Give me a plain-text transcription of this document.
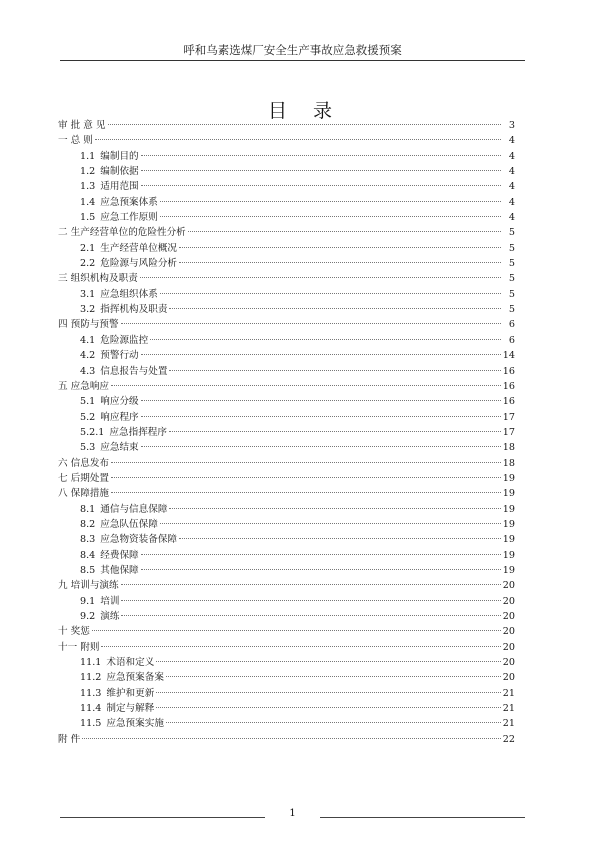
呼和乌素选煤厂安全生产事故应急救援预案
目 录
审 批 意 见	3
一 总 则	4
1.1 编制目的	4
1.2 编制依据	4
1.3 适用范围	4
1.4 应急预案体系	4
1.5 应急工作原则	4
二 生产经营单位的危险性分析	5
2.1 生产经营单位概况	5
2.2 危险源与风险分析	5
三 组织机构及职责	5
3.1 应急组织体系	5
3.2 指挥机构及职责	5
四 预防与预警	6
4.1 危险源监控	6
4.2 预警行动	14
4.3 信息报告与处置	16
五 应急响应	16
5.1 响应分级	16
5.2 响应程序	17
5.2.1 应急指挥程序	17
5.3 应急结束	18
六 信息发布	18
七 后期处置	19
八 保障措施	19
8.1 通信与信息保障	19
8.2 应急队伍保障	19
8.3 应急物资装备保障	19
8.4 经费保障	19
8.5 其他保障	19
九 培训与演练	20
9.1 培训	20
9.2 演练	20
十 奖惩	20
十一 附则	20
11.1 术语和定义	20
11.2 应急预案备案	20
11.3 维护和更新	21
11.4 制定与解释	21
11.5 应急预案实施	21
附 件	22
1
